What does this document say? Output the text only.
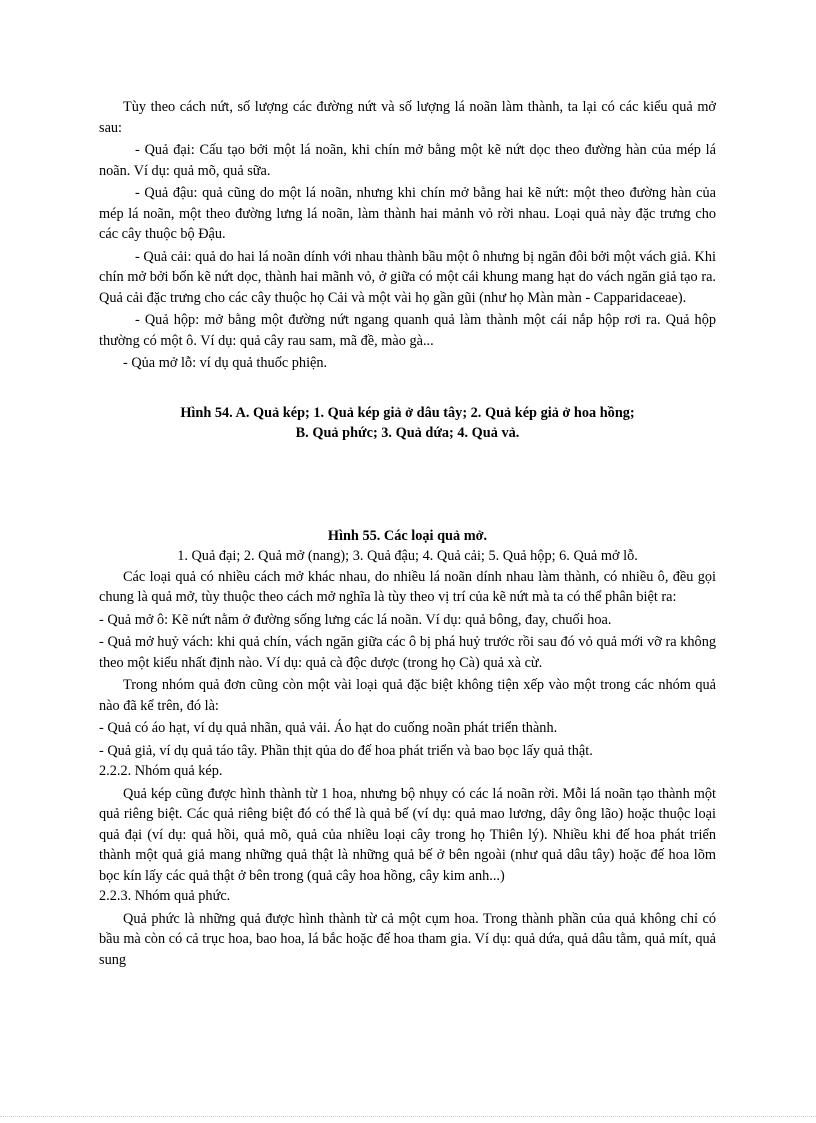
Tùy theo cách nứt, số lượng các đường nứt và số lượng lá noãn làm thành, ta lại có các kiểu quả mở sau:

- Quả đại: Cấu tạo bởi một lá noãn, khi chín mở bằng một kẽ nứt dọc theo đường hàn của mép lá noãn. Ví dụ: quả mõ, quả sữa.

- Quả đậu: quả cũng do một lá noãn, nhưng khi chín mở bằng hai kẽ nứt: một theo đường hàn của mép lá noãn, một theo đường lưng lá noãn, làm thành hai mảnh vỏ rời nhau. Loại quả này đặc trưng cho các cây thuộc bộ Đậu.

- Quả cải: quả do hai lá noãn dính với nhau thành bầu một ô nhưng bị ngăn đôi bởi một vách giả. Khi chín mở bởi bốn kẽ nứt dọc, thành hai mãnh vỏ, ở giữa có một cái khung mang hạt do vách ngăn giả tạo ra. Quả cải đặc trưng cho các cây thuộc họ Cải và một vài họ gần gũi (như họ Màn màn - Capparidaceae).

- Quả hộp: mở bằng một đường nứt ngang quanh quả làm thành một cái nắp hộp rơi ra. Quả hộp thường có một ô. Ví dụ: quả cây rau sam, mã đề, mào gà...

- Qủa mở lỗ: ví dụ quả thuốc phiện.

Hình 54. A. Quả kép; 1. Quả kép giả ở dâu tây; 2. Quả kép giả ở hoa hồng;

B. Quả phức; 3. Quả dứa; 4. Quả vả.

Hình 55. Các loại quả mở.

1. Quả đại; 2. Quả mở (nang); 3. Quả đậu; 4. Quả cải; 5. Quả hộp; 6. Quả mở lỗ.

Các loại quả có nhiều cách mở khác nhau, do nhiều lá noãn dính nhau làm thành, có nhiều ô, đều gọi chung là quả mở, tùy thuộc theo cách mở nghĩa là tùy theo vị trí của kẽ nứt mà ta có thể phân biệt ra:

- Quả mở ô: Kẽ nứt nằm ở đường sống lưng các lá noãn. Ví dụ: quả bông, đay, chuối hoa.

- Quả mở huỷ vách: khi quả chín, vách ngăn giữa các ô bị phá huỷ trước rồi sau đó vỏ quả mới vỡ ra không theo một kiểu nhất định nào. Ví dụ: quả cà độc dược (trong họ Cà) quả xà cừ.

Trong nhóm quả đơn cũng còn một vài loại quả đặc biệt không tiện xếp vào một trong các nhóm quả nào đã kể trên, đó là:

- Quả có áo hạt, ví dụ quả nhãn, quả vải. Áo hạt do cuống noãn phát triển thành.

- Quả giả, ví dụ quả táo tây. Phần thịt qủa do đế hoa phát triển và bao bọc lấy quả thật.

2.2.2. Nhóm quả kép.

Quả kép cũng được hình thành từ 1 hoa, nhưng bộ nhụy có các lá noãn rời. Mỗi lá noãn tạo thành một quả riêng biệt. Các quả riêng biệt đó có thể là quả bế (ví dụ: quả mao lương, dây ông lão) hoặc thuộc loại quả đại (ví dụ: quả hồi, quả mõ, quả của nhiều loại cây trong họ Thiên lý). Nhiều khi đế hoa phát triển thành một quả giả mang những quả thật là những quả bế ở bên ngoài (như quả dâu tây) hoặc đế hoa lõm bọc kín lấy các quả thật ở bên trong (quả cây hoa hồng, cây kim anh...)

2.2.3. Nhóm quả phức.

Quả phức là những quả được hình thành từ cả một cụm hoa. Trong thành phần của quả không chỉ có bầu mà còn có cả trục hoa, bao hoa, lá bắc hoặc đế hoa tham gia. Ví dụ: quả dứa, quả dâu tằm, quả mít, quả sung
